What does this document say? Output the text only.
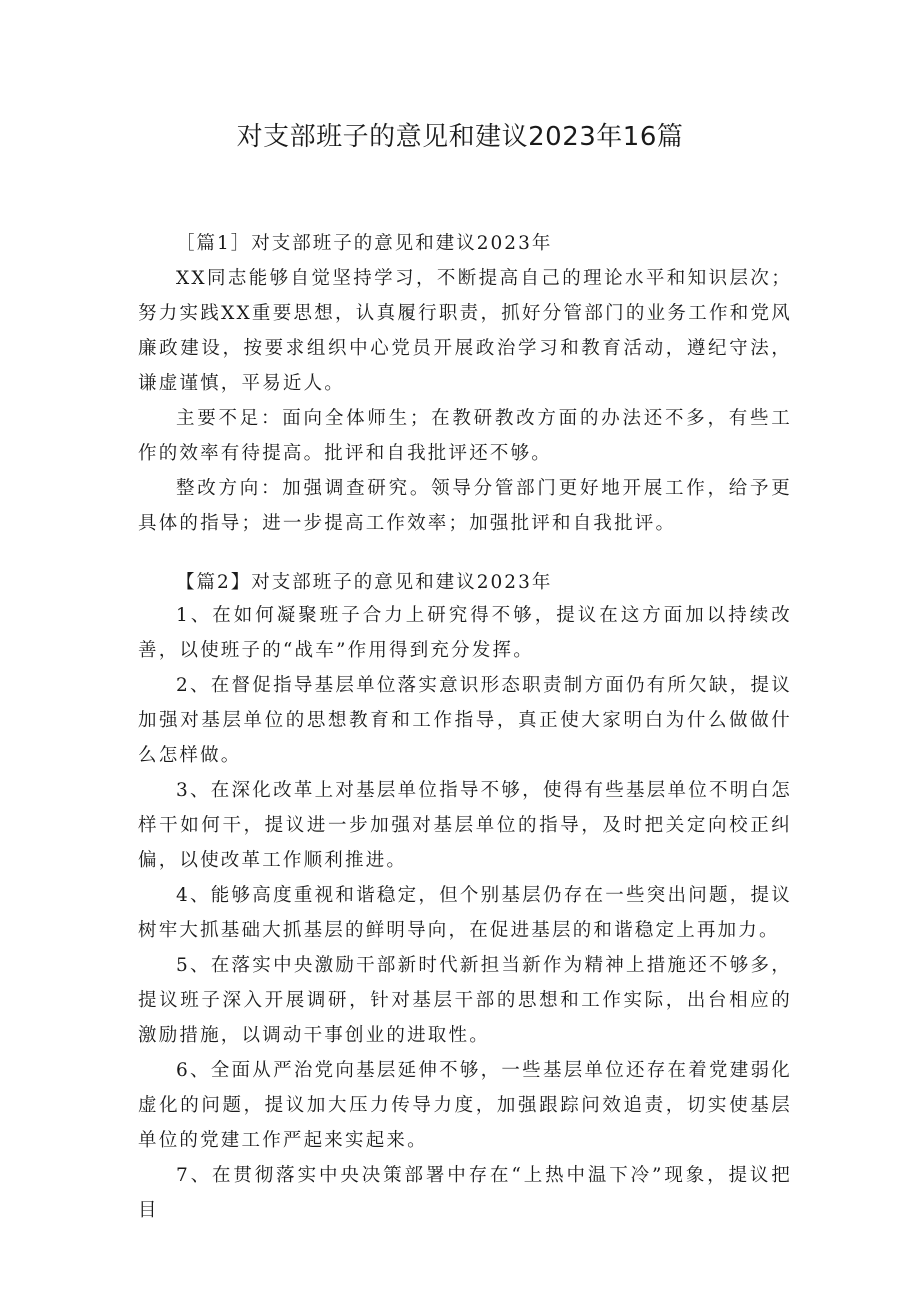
对支部班子的意见和建议2023年16篇
［篇1］对支部班子的意见和建议2023年

XX同志能够自觉坚持学习，不断提高自己的理论水平和知识层次；努力实践XX重要思想，认真履行职责，抓好分管部门的业务工作和党风廉政建设，按要求组织中心党员开展政治学习和教育活动，遵纪守法，谦虚谨慎，平易近人。

主要不足：面向全体师生；在教研教改方面的办法还不多，有些工作的效率有待提高。批评和自我批评还不够。

整改方向：加强调查研究。领导分管部门更好地开展工作，给予更具体的指导；进一步提高工作效率；加强批评和自我批评。

【篇2】对支部班子的意见和建议2023年

1、在如何凝聚班子合力上研究得不够，提议在这方面加以持续改善，以使班子的“战车”作用得到充分发挥。

2、在督促指导基层单位落实意识形态职责制方面仍有所欠缺，提议加强对基层单位的思想教育和工作指导，真正使大家明白为什么做做什么怎样做。

3、在深化改革上对基层单位指导不够，使得有些基层单位不明白怎样干如何干，提议进一步加强对基层单位的指导，及时把关定向校正纠偏，以使改革工作顺利推进。

4、能够高度重视和谐稳定，但个别基层仍存在一些突出问题，提议树牢大抓基础大抓基层的鲜明导向，在促进基层的和谐稳定上再加力。

5、在落实中央激励干部新时代新担当新作为精神上措施还不够多，提议班子深入开展调研，针对基层干部的思想和工作实际，出台相应的激励措施，以调动干事创业的进取性。

6、全面从严治党向基层延伸不够，一些基层单位还存在着党建弱化虚化的问题，提议加大压力传导力度，加强跟踪问效追责，切实使基层单位的党建工作严起来实起来。

7、在贯彻落实中央决策部署中存在“上热中温下冷”现象，提议把目
